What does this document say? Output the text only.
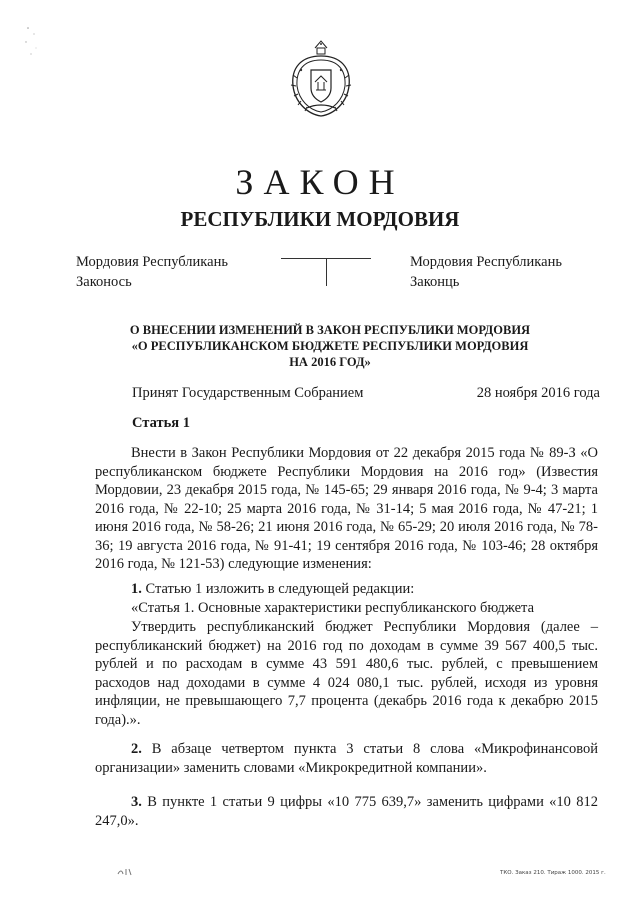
ЗАКОН
РЕСПУБЛИКИ МОРДОВИЯ
Мордовия Республикань
Законось
Мордовия Республикань
Законць
О ВНЕСЕНИИ ИЗМЕНЕНИЙ В ЗАКОН РЕСПУБЛИКИ МОРДОВИЯ
«О РЕСПУБЛИКАНСКОМ БЮДЖЕТЕ РЕСПУБЛИКИ МОРДОВИЯ
НА 2016 ГОД»
Принят Государственным Собранием	28 ноября 2016 года
Статья 1
Внести в Закон Республики Мордовия от 22 декабря 2015 года № 89-З «О республиканском бюджете Республики Мордовия на 2016 год» (Известия Мордовии, 23 декабря 2015 года, № 145-65; 29 января 2016 года, № 9-4; 3 марта 2016 года, № 22-10; 25 марта 2016 года, № 31-14; 5 мая 2016 года, № 47-21; 1 июня 2016 года, № 58-26; 21 июня 2016 года, № 65-29; 20 июля 2016 года, № 78-36; 19 августа 2016 года, № 91-41; 19 сентября 2016 года, № 103-46; 28 октября 2016 года, № 121-53) следующие изменения:
1. Статью 1 изложить в следующей редакции:
«Статья 1. Основные характеристики республиканского бюджета
Утвердить республиканский бюджет Республики Мордовия (далее – республиканский бюджет) на 2016 год по доходам в сумме 39 567 400,5 тыс. рублей и по расходам в сумме 43 591 480,6 тыс. рублей, с превышением расходов над доходами в сумме 4 024 080,1 тыс. рублей, исходя из уровня инфляции, не превышающего 7,7 процента (декабрь 2016 года к декабрю 2015 года).».
2. В абзаце четвертом пункта 3 статьи 8 слова «Микрофинансовой организации» заменить словами «Микрокредитной компании».
3. В пункте 1 статьи 9 цифры «10 775 639,7» заменить цифрами «10 812 247,0».
ТКО. Заказ 210. Тираж 1000. 2015 г.
